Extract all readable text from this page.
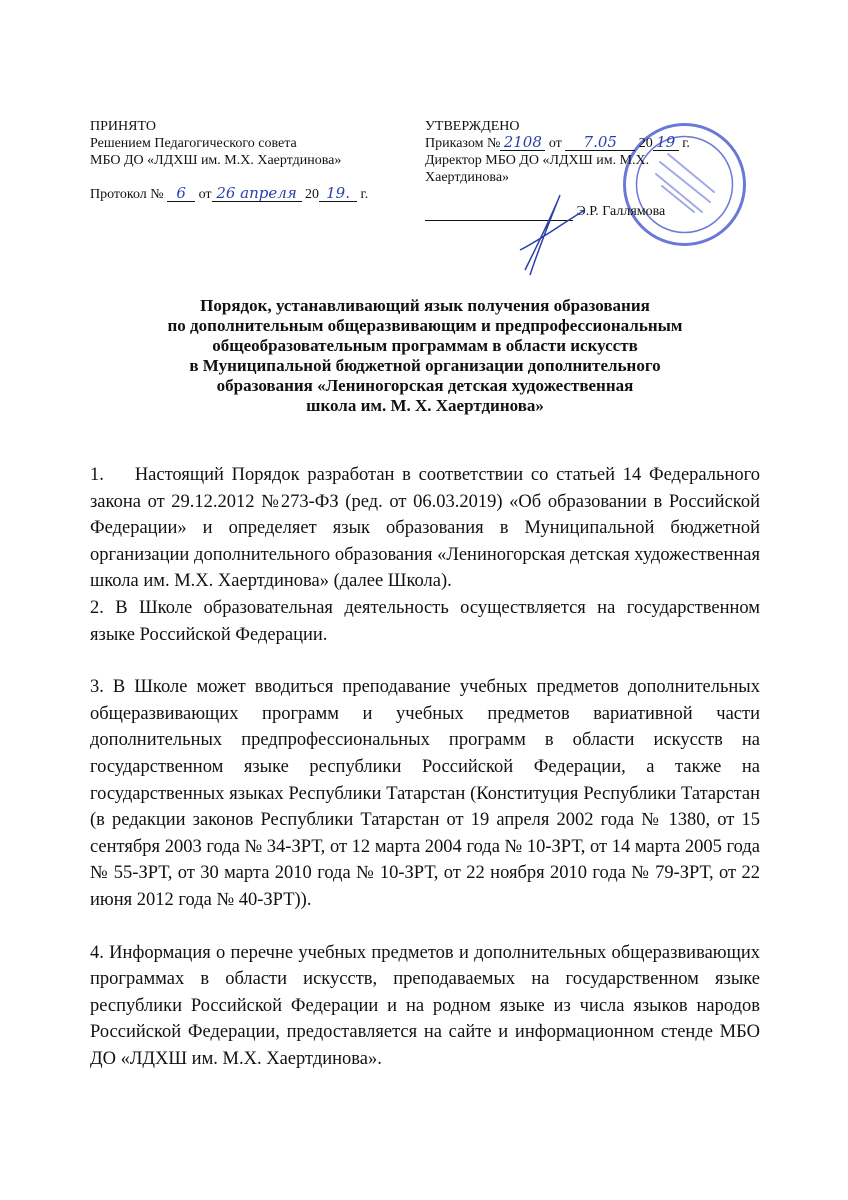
ПРИНЯТО
Решением Педагогического совета
МБО ДО «ЛДХШ им. М.Х. Хаертдинова»
Протокол № 6 от 26 апреля 20 19. г.
УТВЕРЖДЕНО
Приказом № 2108 от 7.05 20 19 г.
Директор МБО ДО «ЛДХШ им. М.Х.
Хаертдинова»
Э.Р. Галлямова
Порядок, устанавливающий язык получения образования
по дополнительным общеразвивающим и предпрофессиональным
общеобразовательным программам в области искусств
в Муниципальной бюджетной организации дополнительного
образования «Лениногорская детская художественная
школа им. М. Х. Хаертдинова»

1.    Настоящий Порядок разработан в соответствии со статьей 14 Федерального закона от 29.12.2012 №273-ФЗ (ред. от 06.03.2019) «Об образовании в Российской Федерации» и определяет язык образования в Муниципальной бюджетной организации дополнительного образования «Лениногорская детская художественная школа им. М.Х. Хаертдинова» (далее Школа).

2. В Школе образовательная деятельность осуществляется на государственном языке Российской Федерации.

3. В Школе может вводиться преподавание учебных предметов дополнительных общеразвивающих программ и учебных предметов вариативной части дополнительных предпрофессиональных программ в области искусств на государственном языке республики Российской Федерации, а также на государственных языках Республики Татарстан (Конституция Республики Татарстан (в редакции законов Республики Татарстан от 19 апреля 2002 года № 1380, от 15 сентября 2003 года № 34-ЗРТ, от 12 марта 2004 года № 10-ЗРТ, от 14 марта 2005 года № 55-ЗРТ, от 30 марта 2010 года № 10-ЗРТ, от 22 ноября 2010 года № 79-ЗРТ, от 22 июня 2012 года № 40-ЗРТ)).

4. Информация о перечне учебных предметов и дополнительных общеразвивающих программах в области искусств, преподаваемых на государственном языке республики Российской Федерации и на родном языке из числа языков народов Российской Федерации, предоставляется на сайте и информационном стенде МБО ДО «ЛДХШ им. М.Х. Хаертдинова».
